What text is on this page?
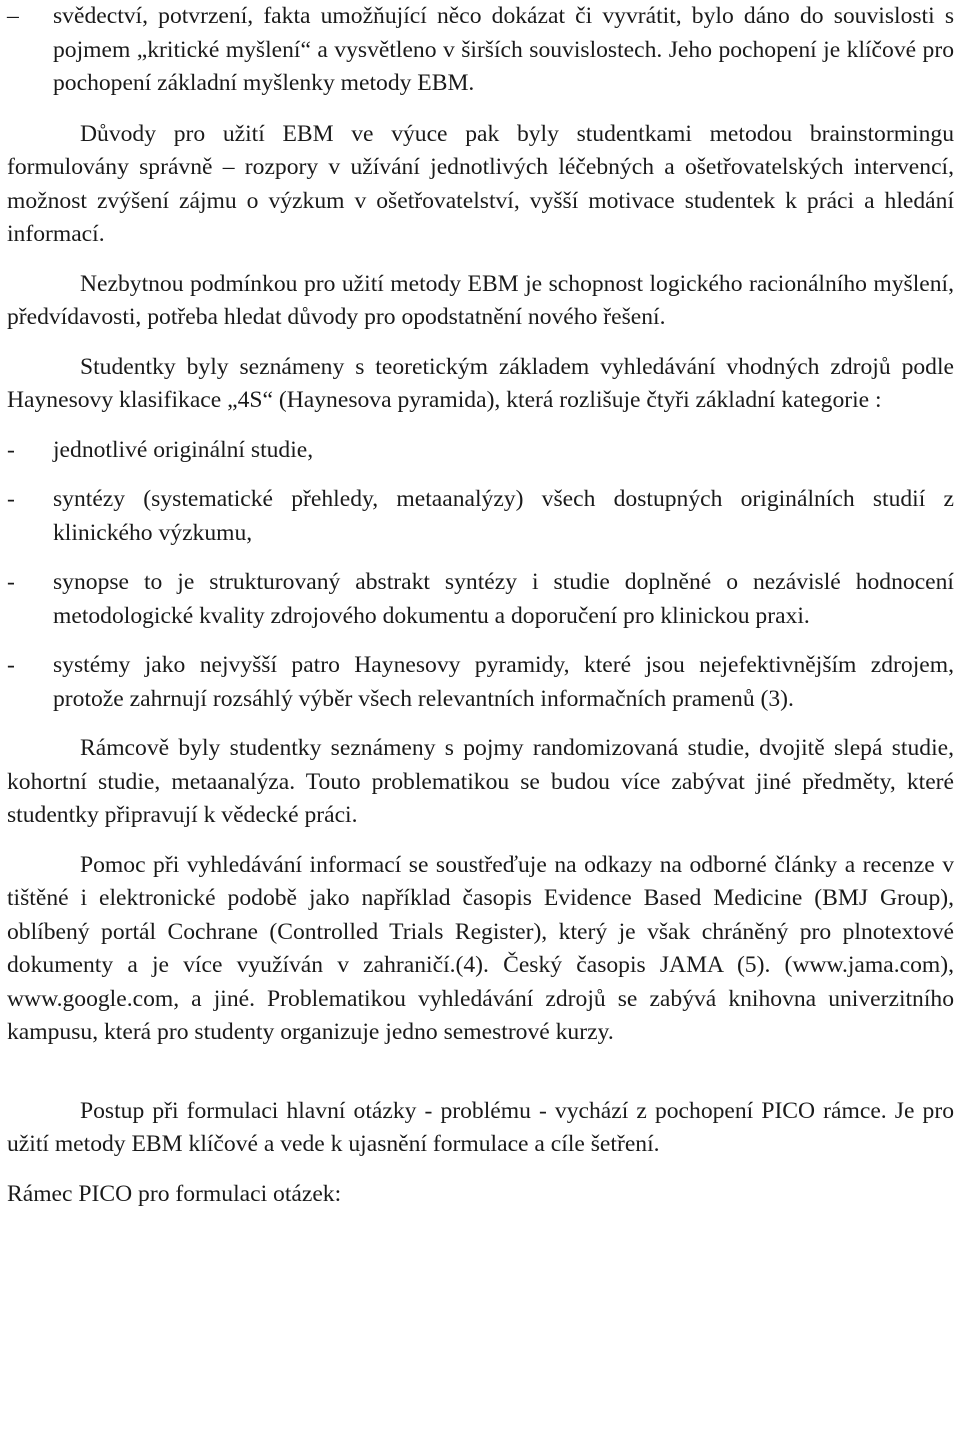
– svědectví, potvrzení, fakta umožňující něco dokázat či vyvrátit, bylo dáno do souvislosti s pojmem „kritické myšlení“ a vysvětleno v širších souvislostech. Jeho pochopení je klíčové pro pochopení základní myšlenky metody EBM.

Důvody pro užití EBM ve výuce pak byly studentkami metodou brainstormingu formulovány správně – rozpory v užívání jednotlivých léčebných a ošetřovatelských intervencí, možnost zvýšení zájmu o výzkum v ošetřovatelství, vyšší motivace studentek k práci a hledání informací.

Nezbytnou podmínkou pro užití metody EBM je schopnost logického racionálního myšlení, předvídavosti, potřeba hledat důvody pro opodstatnění nového řešení.

Studentky byly seznámeny s teoretickým základem vyhledávání vhodných zdrojů podle Haynesovy klasifikace „4S“ (Haynesova pyramida), která rozlišuje čtyři základní kategorie :

- jednotlivé originální studie,

- syntézy (systematické přehledy, metaanalýzy) všech dostupných originálních studií z klinického výzkumu,

- synopse to je strukturovaný abstrakt syntézy i studie doplněné o nezávislé hodnocení metodologické kvality zdrojového dokumentu a doporučení pro klinickou praxi.

- systémy jako nejvyšší patro Haynesovy pyramidy, které jsou nejefektivnějším zdrojem, protože zahrnují rozsáhlý výběr všech relevantních informačních pramenů (3).

Rámcově byly studentky seznámeny s pojmy randomizovaná studie, dvojitě slepá studie, kohortní studie, metaanalýza. Touto problematikou se budou více zabývat jiné předměty, které studentky připravují k vědecké práci.

Pomoc při vyhledávání informací se soustřeďuje na odkazy na odborné články a recenze v tištěné i elektronické podobě jako například časopis Evidence Based Medicine (BMJ Group), oblíbený portál Cochrane (Controlled Trials Register), který je však chráněný pro plnotextové dokumenty a je více využíván v zahraničí.(4). Český časopis JAMA (5). (www.jama.com), www.google.com, a jiné. Problematikou vyhledávání zdrojů se zabývá knihovna univerzitního kampusu, která pro studenty organizuje jedno semestrové kurzy.

Postup při formulaci hlavní otázky - problému - vychází z pochopení PICO rámce. Je pro užití metody EBM klíčové a vede k ujasnění formulace a cíle šetření.

Rámec PICO pro formulaci otázek:
